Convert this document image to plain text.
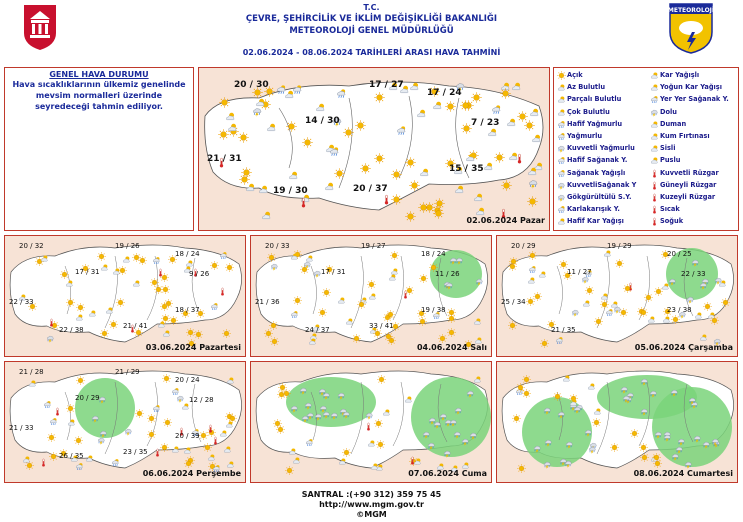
T.C.
ÇEVRE, ŞEHİRCİLİK VE İKLİM DEĞİŞİKLİĞİ BAKANLIĞI
METEOROLOJİ GENEL MÜDÜRLÜĞÜ
02.06.2024 - 08.06.2024 TARİHLERİ ARASI HAVA TAHMİNİ
METEOROLOJİ
GENEL HAVA DURUMU
Hava sıcaklıklarının ülkemiz genelinde mevsim normalleri üzerinde seyredeceği tahmin ediliyor.
20 / 30	17 / 27
17 / 24
14 / 30	7 / 23
21 / 31
15 / 35
19 / 30	20 / 37
02.06.2024 Pazar
Açık
Az Bulutlu
Parçalı Bulutlu
Çok Bulutlu
Hafif Yağmurlu
Yağmurlu
Kuvvetli Yağmurlu
Hafif Sağanak Y.
Sağanak Yağışlı
KuvvetliSağanak Y
Gökgürültülü S.Y.
Karlakarışık Y.
Hafif Kar Yağışı
Kar Yağışlı
Yoğun Kar Yağışı
Yer Yer Sağanak Y.
Dolu
Duman
Kum Fırtınası
Sisli
Puslu
Kuvvetli Rüzgar
Güneyli Rüzgar
Kuzeyli Rüzgar
Sıcak
Soğuk
20 / 32	19 / 26
18 / 24
17 / 31	9 / 26
22 / 33
18 / 37
22 / 38	21 / 41
03.06.2024 Pazartesi
20 / 33	19 / 27
18 / 24
17 / 31	11 / 26
21 / 36
19 / 38
24 / 37	33 / 41
04.06.2024 Salı
20 / 29	19 / 29
20 / 25
11 / 27	22 / 33
25 / 34
23 / 38
21 / 35
05.06.2024 Çarşamba
21 / 28	21 / 29
20 / 24
20 / 29	12 / 28
21 / 33
20 / 39
26 / 35	23 / 35
06.06.2024 Perşembe	07.06.2024 Cuma	08.06.2024 Cumartesi
SANTRAL :(+90 312) 359 75 45
http://www.mgm.gov.tr
©MGM
